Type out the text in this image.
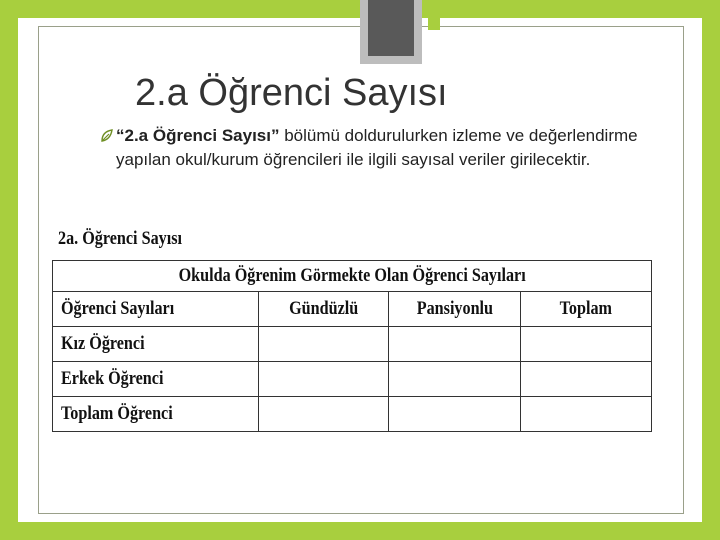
2.a Öğrenci Sayısı
“2.a Öğrenci Sayısı” bölümü doldurulurken izleme ve değerlendirme yapılan okul/kurum öğrencileri ile ilgili sayısal veriler girilecektir.
2a. Öğrenci Sayısı
Okulda Öğrenim Görmekte Olan Öğrenci Sayıları			
Öğrenci Sayıları	Gündüzlü	Pansiyonlu	Toplam
Kız Öğrenci			
Erkek Öğrenci			
Toplam Öğrenci			
